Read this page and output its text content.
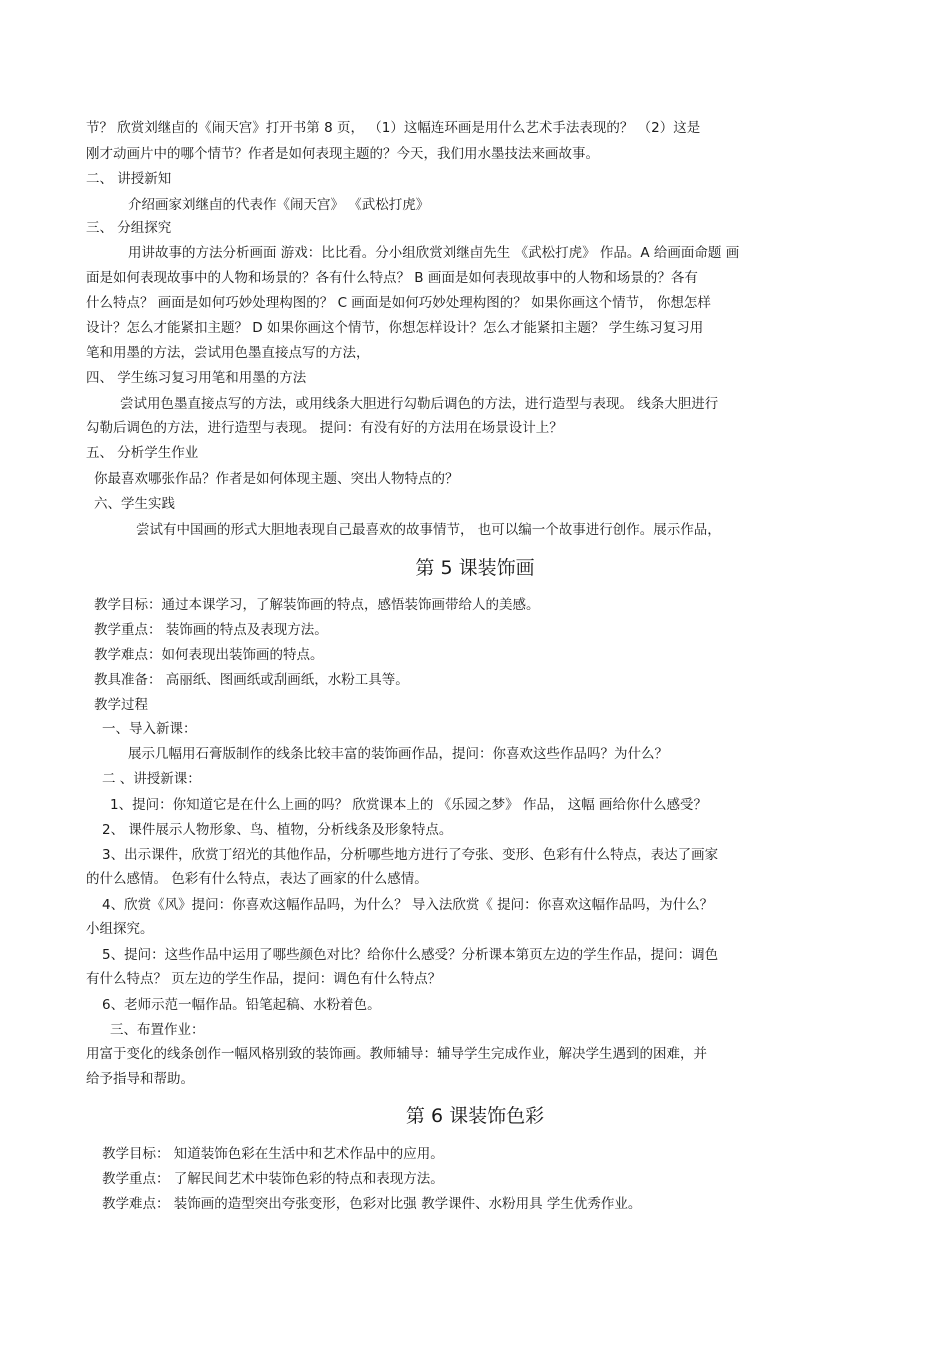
节？ 欣赏刘继卣的《闹天宫》打开书第 8 页， （1）这幅连环画是用什么艺术手法表现的？ （2）这是
刚才动画片中的哪个情节？作者是如何表现主题的？今天，我们用水墨技法来画故事。
二、 讲授新知
介绍画家刘继卣的代表作《闹天宫》 《武松打虎》
三、 分组探究
用讲故事的方法分析画面 游戏：比比看。分小组欣赏刘继卣先生 《武松打虎》 作品。A 给画面命题 画
面是如何表现故事中的人物和场景的？各有什么特点？ B 画面是如何表现故事中的人物和场景的？各有
什么特点？ 画面是如何巧妙处理构图的？ C 画面是如何巧妙处理构图的？ 如果你画这个情节， 你想怎样
设计？怎么才能紧扣主题？ D 如果你画这个情节，你想怎样设计？怎么才能紧扣主题？ 学生练习复习用
笔和用墨的方法，尝试用色墨直接点写的方法，
四、 学生练习复习用笔和用墨的方法
尝试用色墨直接点写的方法，或用线条大胆进行勾勒后调色的方法，进行造型与表现。 线条大胆进行
勾勒后调色的方法，进行造型与表现。 提问：有没有好的方法用在场景设计上？
五、 分析学生作业
你最喜欢哪张作品？作者是如何体现主题、突出人物特点的？
六、学生实践
尝试有中国画的形式大胆地表现自己最喜欢的故事情节， 也可以编一个故事进行创作。展示作品，
第 5 课装饰画
教学目标：通过本课学习，了解装饰画的特点，感悟装饰画带给人的美感。
教学重点： 装饰画的特点及表现方法。
教学难点：如何表现出装饰画的特点。
教具准备： 高丽纸、图画纸或刮画纸，水粉工具等。
教学过程
一、导入新课：
展示几幅用石膏版制作的线条比较丰富的装饰画作品，提问：你喜欢这些作品吗？为什么？
二 、讲授新课：
1、提问：你知道它是在什么上画的吗？ 欣赏课本上的 《乐园之梦》 作品， 这幅 画给你什么感受？
2、 课件展示人物形象、鸟、植物，分析线条及形象特点。
3、出示课件，欣赏丁绍光的其他作品，分析哪些地方进行了夸张、变形、色彩有什么特点，表达了画家
的什么感情。 色彩有什么特点，表达了画家的什么感情。
4、欣赏《风》提问：你喜欢这幅作品吗，为什么？ 导入法欣赏《 提问：你喜欢这幅作品吗，为什么？
小组探究。
5、提问：这些作品中运用了哪些颜色对比？给你什么感受？分析课本第页左边的学生作品，提问：调色
有什么特点？ 页左边的学生作品，提问：调色有什么特点？
6、老师示范一幅作品。铅笔起稿、水粉着色。
三、布置作业：
用富于变化的线条创作一幅风格别致的装饰画。教师辅导：辅导学生完成作业，解决学生遇到的困难，并
给予指导和帮助。
第 6 课装饰色彩
教学目标： 知道装饰色彩在生活中和艺术作品中的应用。
教学重点： 了解民间艺术中装饰色彩的特点和表现方法。
教学难点： 装饰画的造型突出夸张变形，色彩对比强 教学课件、水粉用具 学生优秀作业。
